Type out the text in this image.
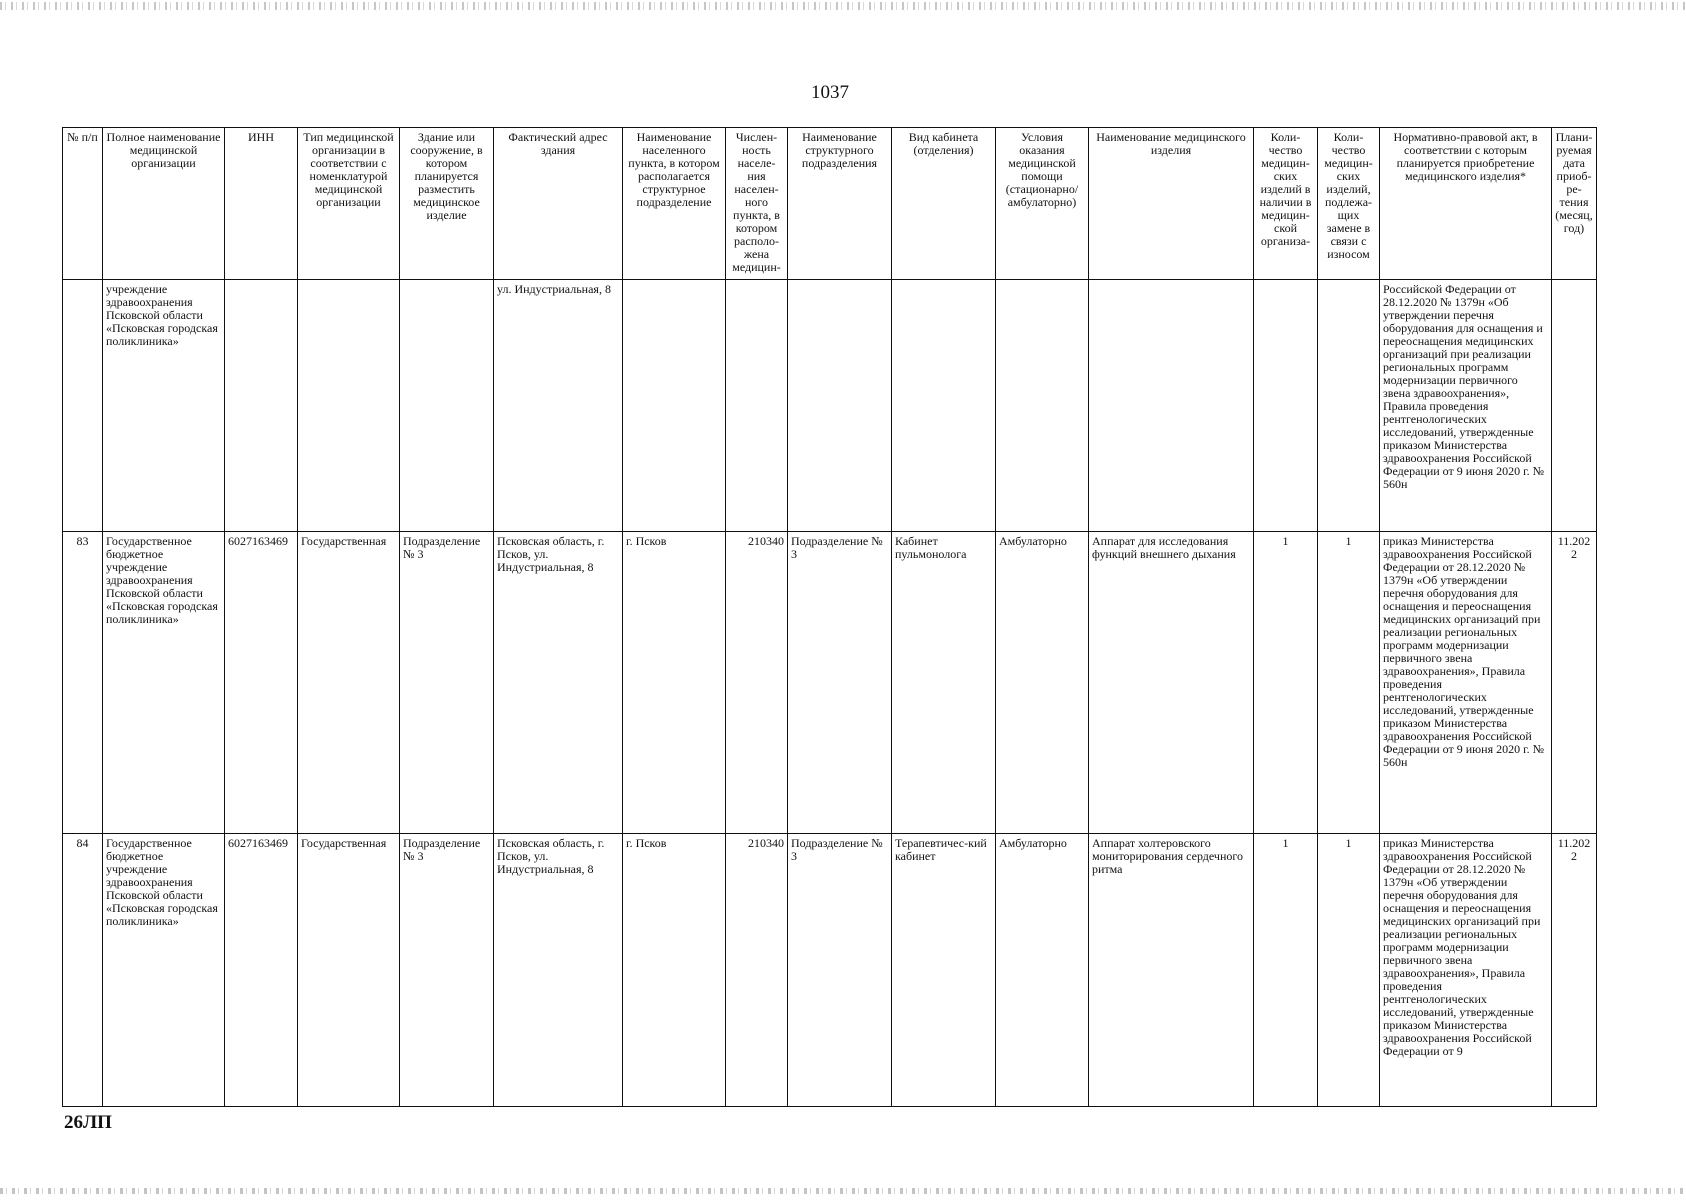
1037
№ п/п	Полное наименование медицинской организации	ИНН	Тип медицинской организации в соответствии с номенклатурой медицинской организации	Здание или сооружение, в котором планируется разместить медицинское изделие	Фактический адрес здания	Наименование населенного пункта, в котором располагается структурное подразделение	Числен-ность населе-ния населен-ного пункта, в котором располо-жена медицин-	Наименование структурного подразделения	Вид кабинета (отделения)	Условия оказания медицинской помощи (стационарно/ амбулаторно)	Наименование медицинского изделия	Коли-чество медицин-ских изделий в наличии в медицин-ской организа-	Коли-чество медицин-ских изделий, подлежа-щих замене в связи с износом	Нормативно-правовой акт, в соответствии с которым планируется приобретение медицинского изделия*	Плани-руемая дата приоб-ре-тения (месяц, год)
	учреждение здравоохранения Псковской области «Псковская городская поликлиника»				ул. Индустриальная, 8									Российской Федерации от 28.12.2020 № 1379н «Об утверждении перечня оборудования для оснащения и переоснащения медицинских организаций при реализации региональных программ модернизации первичного звена здравоохранения», Правила проведения рентгенологических исследований, утвержденные приказом Министерства здравоохранения Российской Федерации от 9 июня 2020 г. № 560н	
83	Государственное бюджетное учреждение здравоохранения Псковской области «Псковская городская поликлиника»	6027163469	Государственная	Подразделение № 3	Псковская область, г. Псков, ул. Индустриальная, 8	г. Псков	210340	Подразделение № 3	Кабинет пульмонолога	Амбулаторно	Аппарат для исследования функций внешнего дыхания	1	1	приказ Министерства здравоохранения Российской Федерации от 28.12.2020 № 1379н «Об утверждении перечня оборудования для оснащения и переоснащения медицинских организаций при реализации региональных программ модернизации первичного звена здравоохранения», Правила проведения рентгенологических исследований, утвержденные приказом Министерства здравоохранения Российской Федерации от 9 июня 2020 г. № 560н	11.2022
84	Государственное бюджетное учреждение здравоохранения Псковской области «Псковская городская поликлиника»	6027163469	Государственная	Подразделение № 3	Псковская область, г. Псков, ул. Индустриальная, 8	г. Псков	210340	Подразделение № 3	Терапевтичес-кий кабинет	Амбулаторно	Аппарат холтеровского мониторирования сердечного ритма	1	1	приказ Министерства здравоохранения Российской Федерации от 28.12.2020 № 1379н «Об утверждении перечня оборудования для оснащения и переоснащения медицинских организаций при реализации региональных программ модернизации первичного звена здравоохранения», Правила проведения рентгенологических исследований, утвержденные приказом Министерства здравоохранения Российской Федерации от 9	11.2022
26ЛП
